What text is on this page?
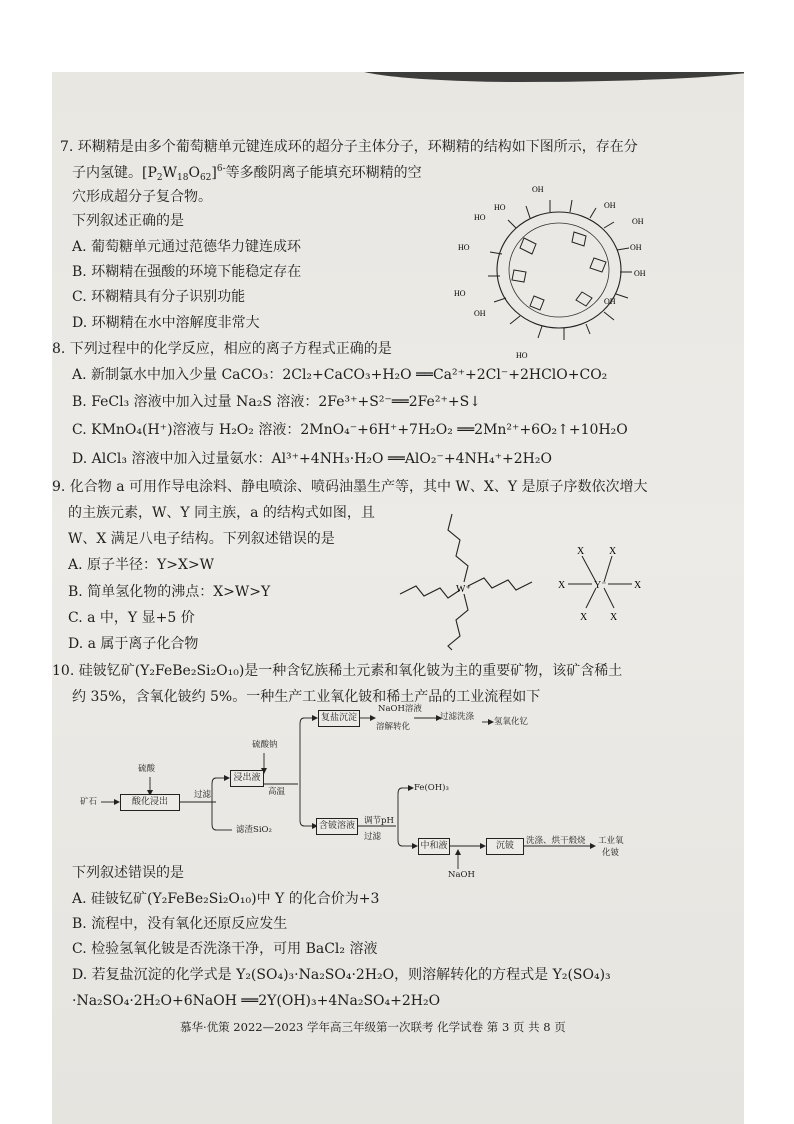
7. 环糊精是由多个葡萄糖单元键连成环的超分子主体分子，环糊精的结构如下图所示，存在分
子内氢键。$[P_2W_{18}O_{62}]^{6-}$等多酸阴离子能填充环糊精的空
穴形成超分子复合物。
下列叙述正确的是
A. 葡萄糖单元通过范德华力键连成环
B. 环糊精在强酸的环境下能稳定存在
C. 环糊精具有分子识别功能
D. 环糊精在水中溶解度非常大
OH
HO
HO	OH
OH
OH
OH
HO
HO
OH
OH
HO
8. 下列过程中的化学反应，相应的离子方程式正确的是
A. 新制氯水中加入少量 CaCO₃：2Cl₂+CaCO₃+H₂O ══Ca²⁺+2Cl⁻+2HClO+CO₂
B. FeCl₃ 溶液中加入过量 Na₂S 溶液：2Fe³⁺+S²⁻══2Fe²⁺+S↓
C. KMnO₄(H⁺)溶液与 H₂O₂ 溶液：2MnO₄⁻+6H⁺+7H₂O₂ ══2Mn²⁺+6O₂↑+10H₂O
D. AlCl₃ 溶液中加入过量氨水：Al³⁺+4NH₃·H₂O ══AlO₂⁻+4NH₄⁺+2H₂O
9. 化合物 a 可用作导电涂料、静电喷涂、喷码油墨生产等，其中 W、X、Y 是原子序数依次增大
的主族元素，W、Y 同主族，a 的结构式如图，且
W、X 满足八电子结构。下列叙述错误的是
A. 原子半径：Y>X>W
B. 简单氢化物的沸点：X>W>Y
C. a 中，Y 显+5 价
D. a 属于离子化合物
W⁺
X X
X	X
X X
Y⁻
10. 硅铍钇矿(Y₂FeBe₂Si₂O₁₀)是一种含钇族稀土元素和氧化铍为主的重要矿物，该矿含稀土
约 35%，含氧化铍约 5%。一种生产工业氧化铍和稀土产品的工业流程如下
矿石
硫酸
酸化浸出
过滤
浸出液
滤渣SiO₂
硫酸钠
高温
复盐沉淀
NaOH溶液
溶解转化
过滤洗涤 氢氧化钇
含铍溶液	调节pH
过滤
Fe(OH)₃
中和液
NaOH
沉铍	洗涤、烘干煅烧 工业氧
化铍
下列叙述错误的是
A. 硅铍钇矿(Y₂FeBe₂Si₂O₁₀)中 Y 的化合价为+3
B. 流程中，没有氧化还原反应发生
C. 检验氢氧化铍是否洗涤干净，可用 BaCl₂ 溶液
D. 若复盐沉淀的化学式是 Y₂(SO₄)₃·Na₂SO₄·2H₂O，则溶解转化的方程式是 Y₂(SO₄)₃
·Na₂SO₄·2H₂O+6NaOH ══2Y(OH)₃+4Na₂SO₄+2H₂O
慕华·优策 2022—2023 学年高三年级第一次联考 化学试卷 第 3 页 共 8 页
